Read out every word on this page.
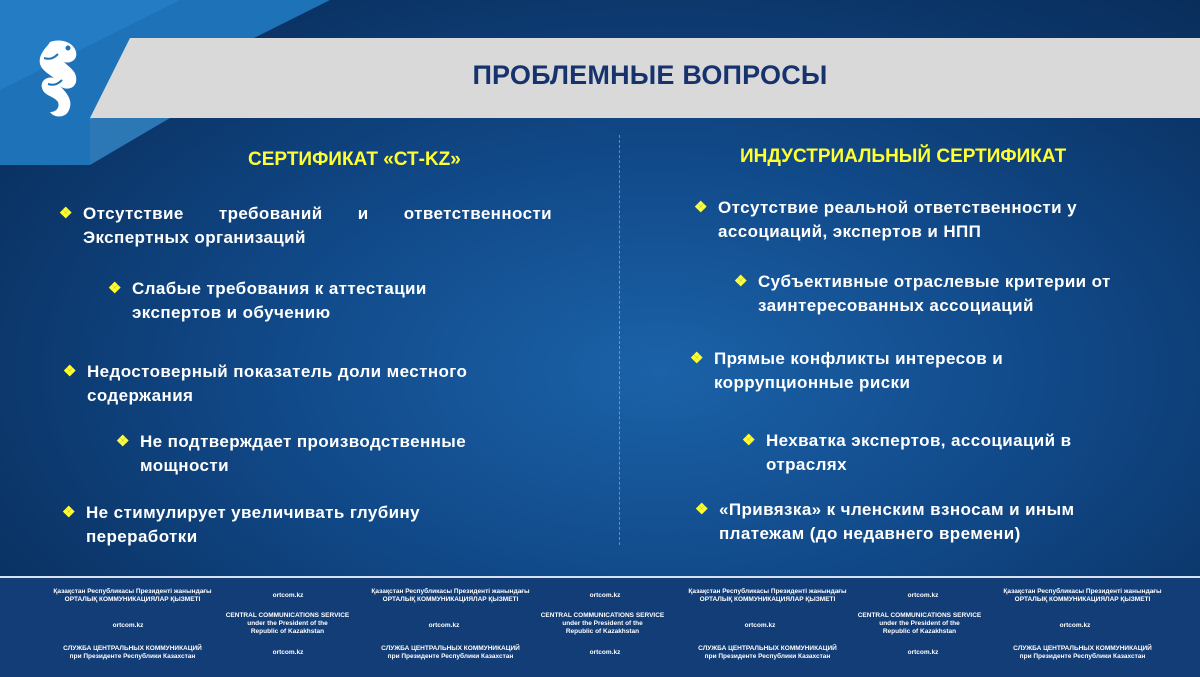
ПРОБЛЕМНЫЕ ВОПРОСЫ
СЕРТИФИКАТ «СТ-KZ»
❖ Отсутствие требований и ответственности Экспертных организаций
❖ Слабые требования к аттестации экспертов и обучению
❖ Недостоверный показатель доли местного содержания
❖ Не подтверждает производственные мощности
❖ Не стимулирует увеличивать глубину переработки
ИНДУСТРИАЛЬНЫЙ СЕРТИФИКАТ
❖ Отсутствие реальной ответственности у ассоциаций, экспертов и НПП
❖ Субъективные отраслевые критерии от заинтересованных ассоциаций
❖ Прямые конфликты интересов и коррупционные риски
❖ Нехватка экспертов, ассоциаций в отраслях
❖ «Привязка» к членским взносам и иным платежам (до недавнего времени)
Қазақстан Республикасы Президенті жанындағы
ОРТАЛЫҚ КОММУНИКАЦИЯЛАР ҚЫЗМЕТІ
ortcom.kz
Қазақстан Республикасы Президенті жанындағы
ОРТАЛЫҚ КОММУНИКАЦИЯЛАР ҚЫЗМЕТІ
ortcom.kz
Қазақстан Республикасы Президенті жанындағы
ОРТАЛЫҚ КОММУНИКАЦИЯЛАР ҚЫЗМЕТІ
ortcom.kz
Қазақстан Республикасы Президенті жанындағы
ОРТАЛЫҚ КОММУНИКАЦИЯЛАР ҚЫЗМЕТІ
ortcom.kz
CENTRAL COMMUNICATIONS SERVICE
under the President of the
Republic of Kazakhstan
ortcom.kz
CENTRAL COMMUNICATIONS SERVICE
under the President of the
Republic of Kazakhstan
ortcom.kz
CENTRAL COMMUNICATIONS SERVICE
under the President of the
Republic of Kazakhstan
ortcom.kz
СЛУЖБА ЦЕНТРАЛЬНЫХ КОММУНИКАЦИЙ
при Президенте Республики Казахстан
ortcom.kz
СЛУЖБА ЦЕНТРАЛЬНЫХ КОММУНИКАЦИЙ
при Президенте Республики Казахстан
ortcom.kz
СЛУЖБА ЦЕНТРАЛЬНЫХ КОММУНИКАЦИЙ
при Президенте Республики Казахстан
ortcom.kz
СЛУЖБА ЦЕНТРАЛЬНЫХ КОММУНИКАЦИЙ
при Президенте Республики Казахстан
